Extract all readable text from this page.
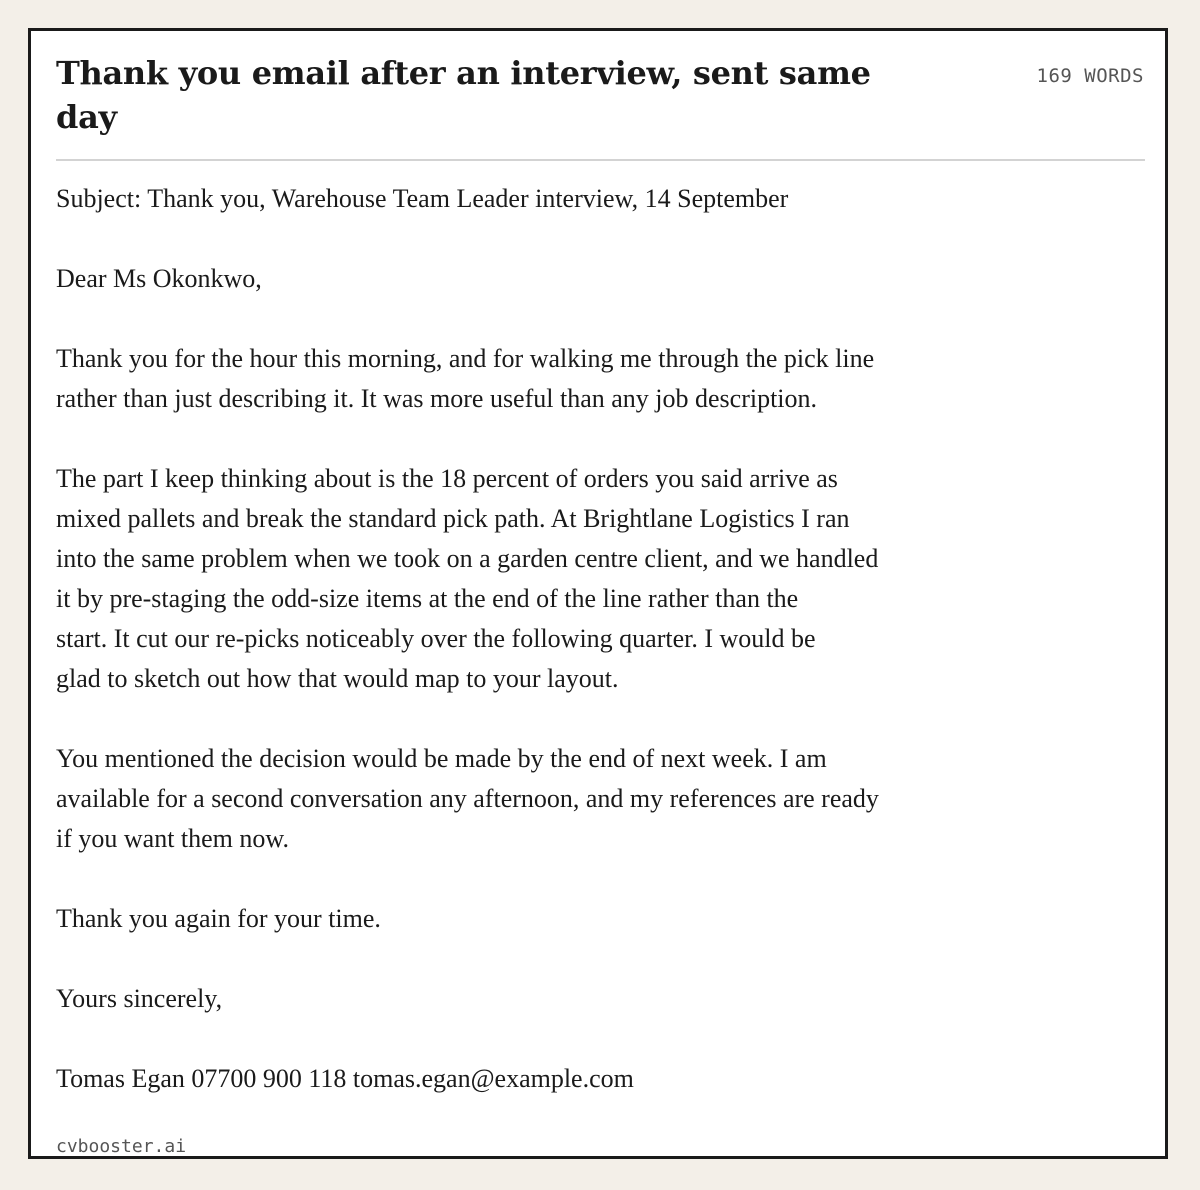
Thank you email after an interview, sent same day
169 WORDS

Subject: Thank you, Warehouse Team Leader interview, 14 September

Dear Ms Okonkwo,

Thank you for the hour this morning, and for walking me through the pick line
rather than just describing it. It was more useful than any job description.

The part I keep thinking about is the 18 percent of orders you said arrive as
mixed pallets and break the standard pick path. At Brightlane Logistics I ran
into the same problem when we took on a garden centre client, and we handled
it by pre-staging the odd-size items at the end of the line rather than the
start. It cut our re-picks noticeably over the following quarter. I would be
glad to sketch out how that would map to your layout.

You mentioned the decision would be made by the end of next week. I am
available for a second conversation any afternoon, and my references are ready
if you want them now.

Thank you again for your time.

Yours sincerely,

Tomas Egan 07700 900 118 tomas.egan@example.com

cvbooster.ai
